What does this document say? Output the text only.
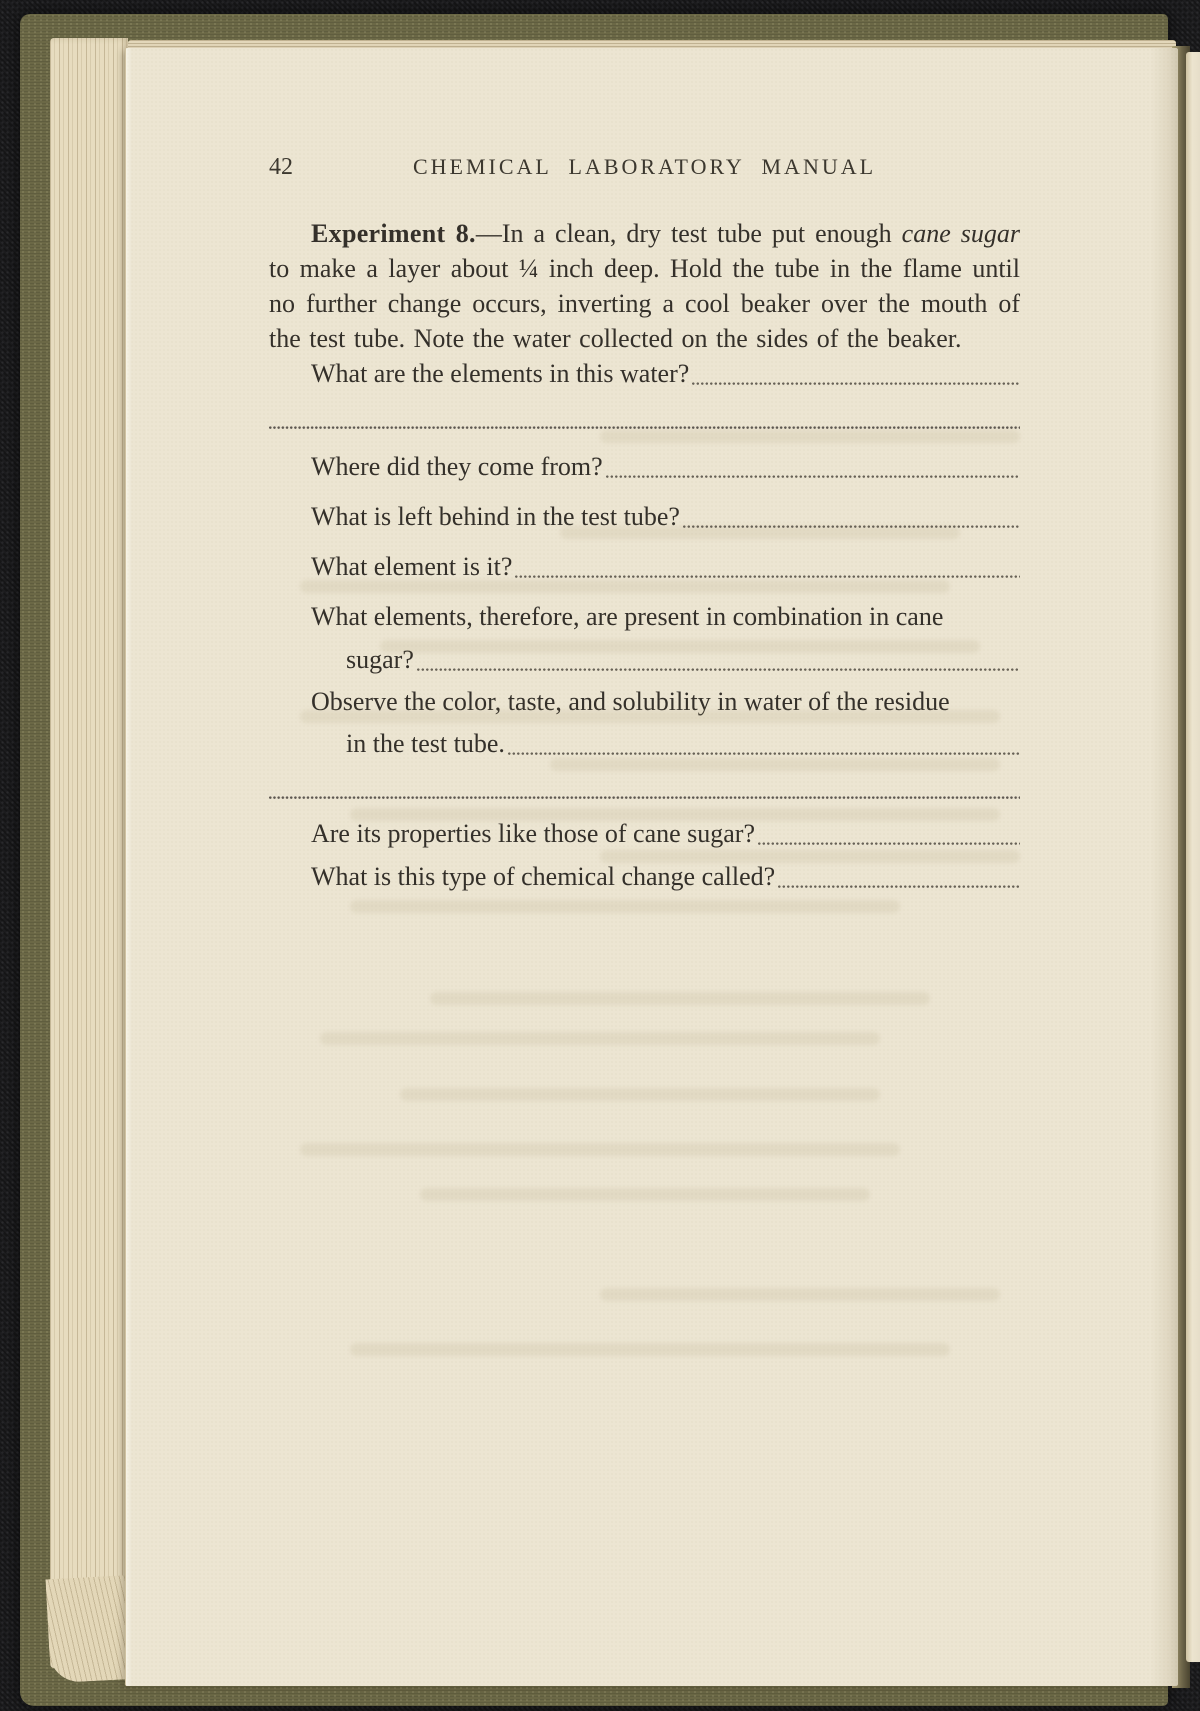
42	CHEMICAL LABORATORY MANUAL

Experiment 8.—In a clean, dry test tube put enough cane sugar to make a layer about ¼ inch deep. Hold the tube in the flame until no further change occurs, inverting a cool beaker over the mouth of the test tube. Note the water collected on the sides of the beaker.

What are the elements in this water?
Where did they come from?
What is left behind in the test tube?
What element is it?
What elements, therefore, are present in combination in cane
sugar?
Observe the color, taste, and solubility in water of the residue
in the test tube.
Are its properties like those of cane sugar?
What is this type of chemical change called?
